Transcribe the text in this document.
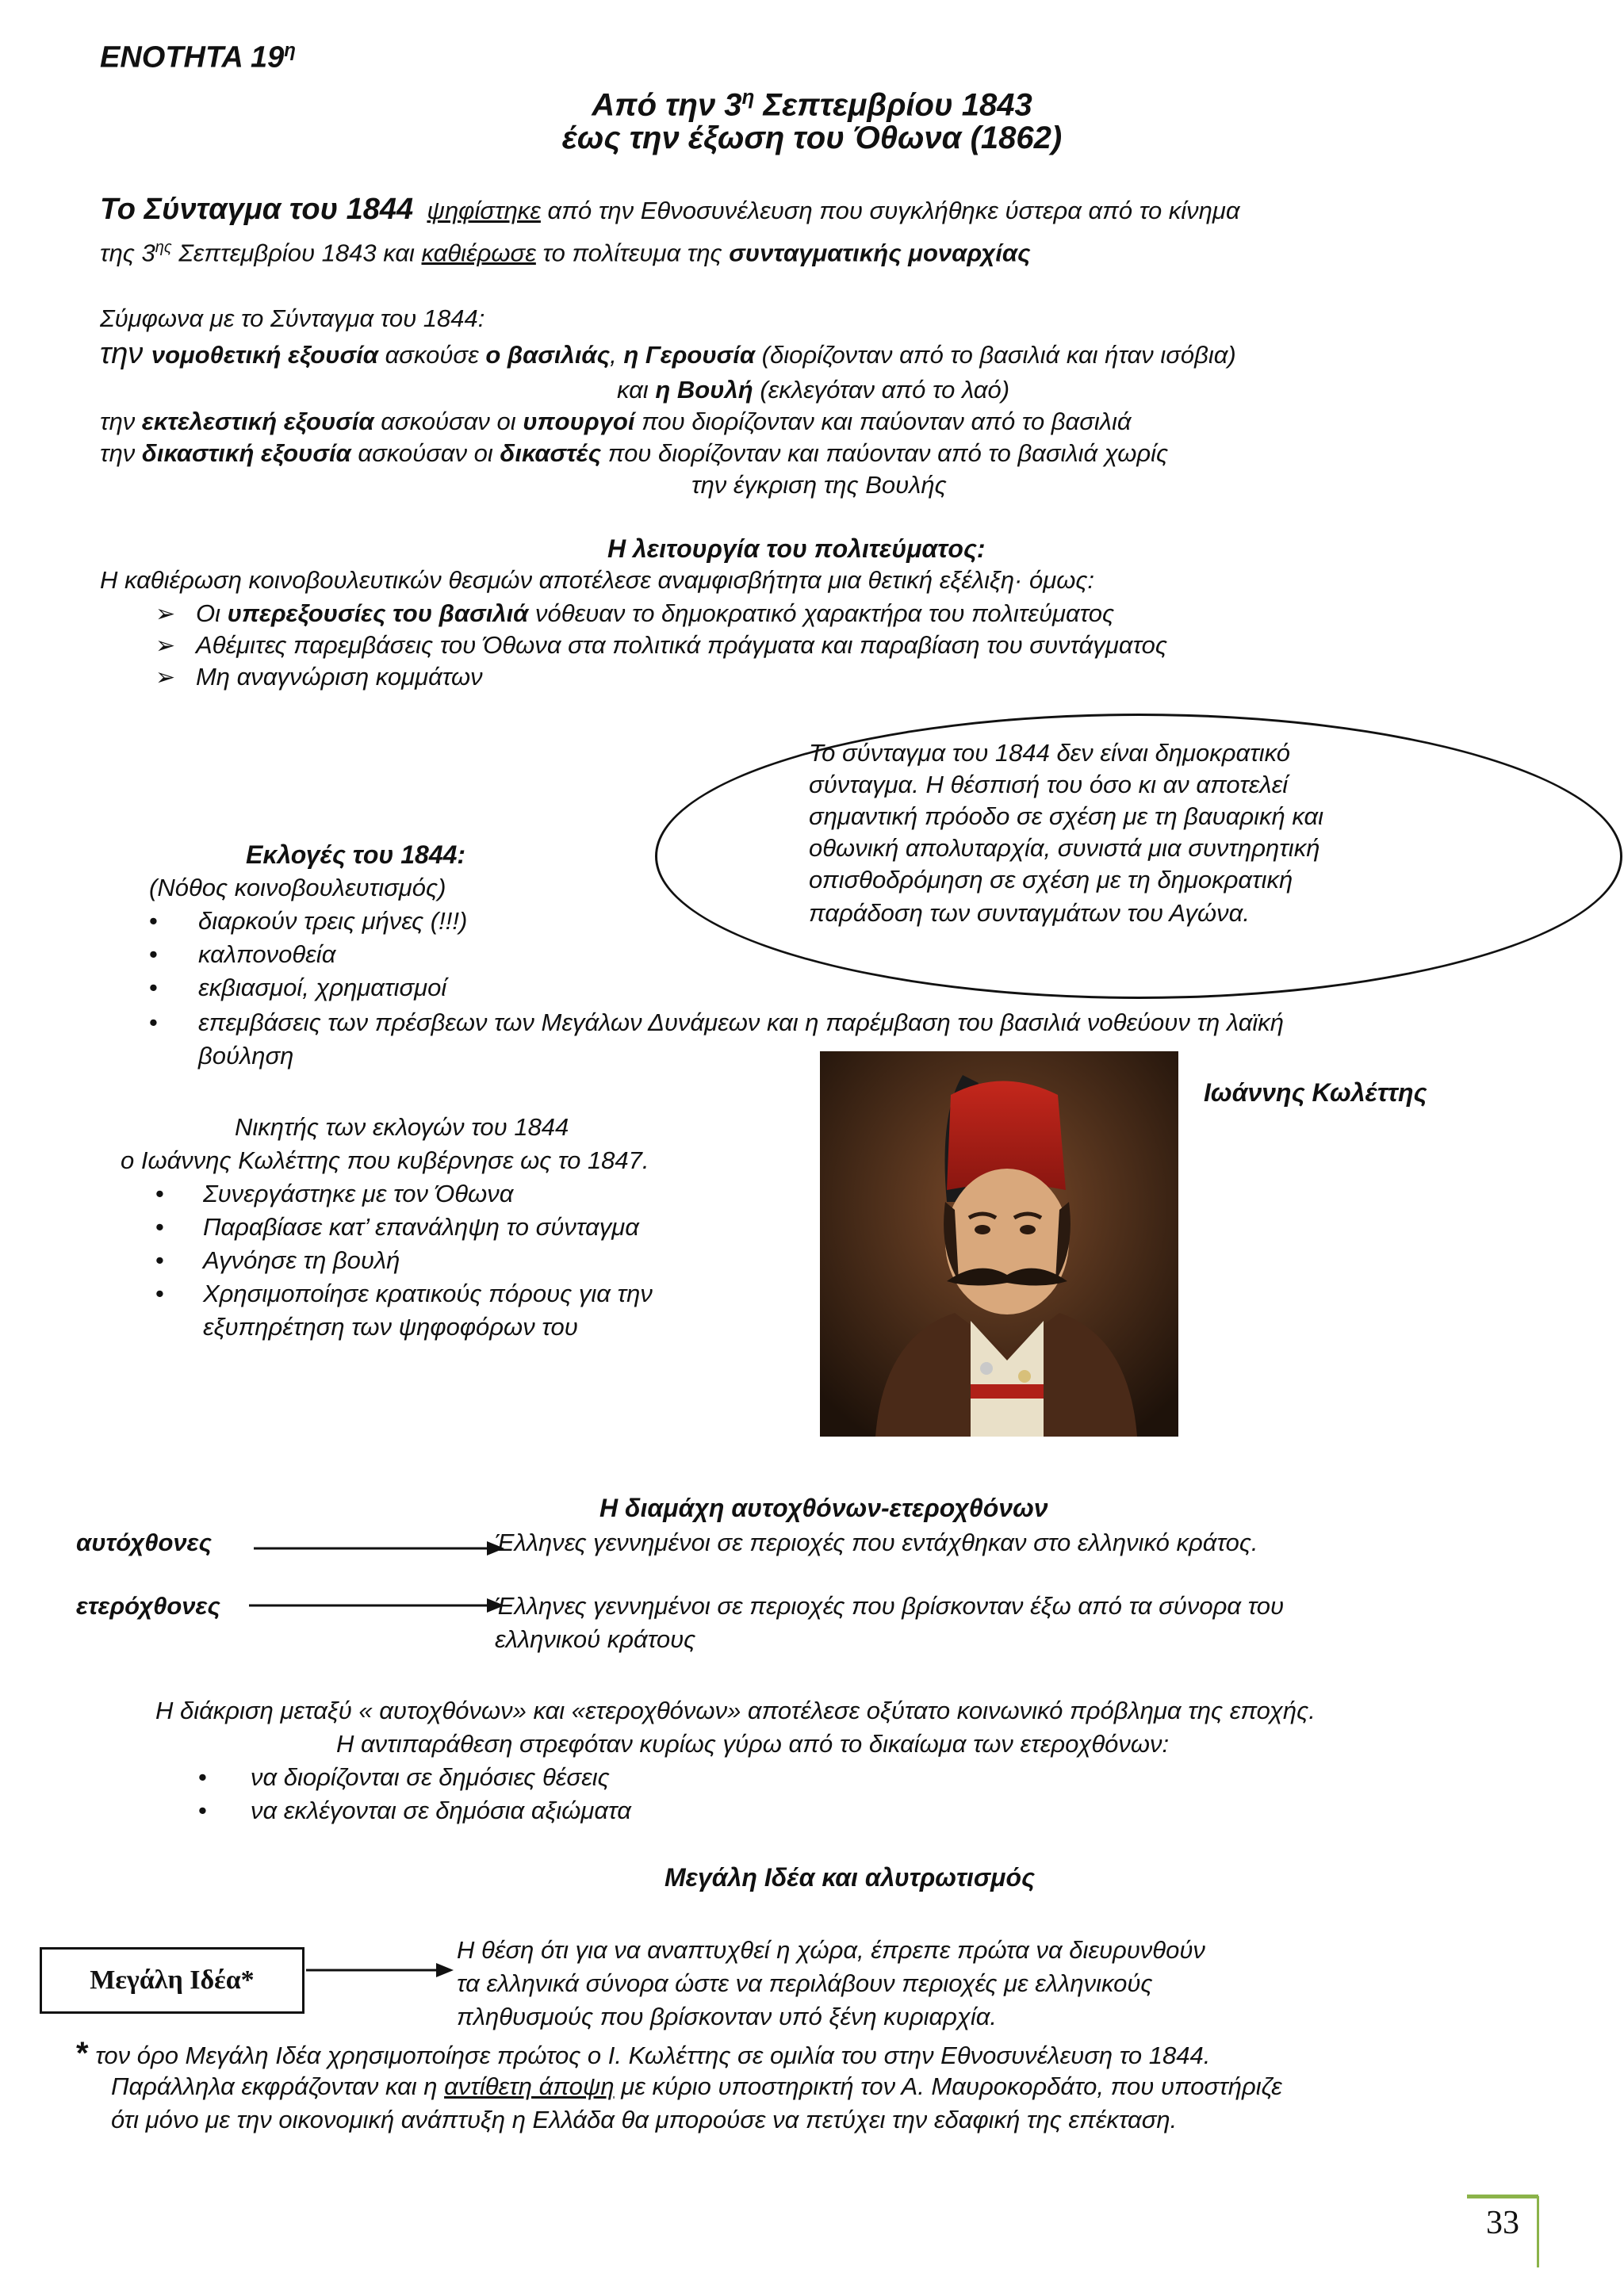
ΕΝΟΤΗΤΑ $19^\eta$
Από την $3^\eta$ Σεπτεμβρίου 1843
έως την έξωση του Όθωνα (1862)
Το Σύνταγμα του 1844 ψηφίστηκε από την Εθνοσυνέλευση που συγκλήθηκε ύστερα από το κίνημα
της $3^{\eta\varsigma}$ Σεπτεμβρίου 1843 και καθιέρωσε το πολίτευμα της συνταγματικής μοναρχίας
Σύμφωνα με το Σύνταγμα του 1844:
την νομοθετική εξουσία ασκούσε ο βασιλιάς, η Γερουσία (διορίζονταν από το βασιλιά και ήταν ισόβια)
και η Βουλή (εκλεγόταν από το λαό)
την εκτελεστική εξουσία ασκούσαν οι υπουργοί που διορίζονταν και παύονταν από το βασιλιά
την δικαστική εξουσία ασκούσαν οι δικαστές που διορίζονταν και παύονταν από το βασιλιά χωρίς
την έγκριση της Βουλής
Η λειτουργία του πολιτεύματος:
Η καθιέρωση κοινοβουλευτικών θεσμών αποτέλεσε αναμφισβήτητα μια θετική εξέλιξη· όμως:
➢ Οι υπερεξουσίες του βασιλιά νόθευαν το δημοκρατικό χαρακτήρα του πολιτεύματος
➢ Αθέμιτες παρεμβάσεις του Όθωνα στα πολιτικά πράγματα και παραβίαση του συντάγματος
➢ Μη αναγνώριση κομμάτων
Το σύνταγμα του 1844 δεν είναι δημοκρατικό
σύνταγμα. Η θέσπισή του όσο κι αν αποτελεί
σημαντική πρόοδο σε σχέση με τη βαυαρική και
οθωνική απολυταρχία, συνιστά μια συντηρητική
οπισθοδρόμηση σε σχέση με τη δημοκρατική
παράδοση των συνταγμάτων του Αγώνα.
Εκλογές του 1844:
(Νόθος κοινοβουλευτισμός)
• διαρκούν τρεις μήνες (!!!)
• καλπονοθεία
• εκβιασμοί, χρηματισμοί
• επεμβάσεις των πρέσβεων των Μεγάλων Δυνάμεων και η παρέμβαση του βασιλιά νοθεύουν τη λαϊκή
βούληση
Ιωάννης Κωλέττης
Νικητής των εκλογών του 1844
ο Ιωάννης Κωλέττης που κυβέρνησε ως το 1847.
• Συνεργάστηκε με τον Όθωνα
• Παραβίασε κατ’ επανάληψη το σύνταγμα
• Αγνόησε τη βουλή
• Χρησιμοποίησε κρατικούς πόρους για την
εξυπηρέτηση των ψηφοφόρων του
Η διαμάχη αυτοχθόνων-ετεροχθόνων
αυτόχθονες	Έλληνες γεννημένοι σε περιοχές που εντάχθηκαν στο ελληνικό κράτος.
ετερόχθονες	Έλληνες γεννημένοι σε περιοχές που βρίσκονταν έξω από τα σύνορα του
ελληνικού κράτους
Η διάκριση μεταξύ « αυτοχθόνων» και «ετεροχθόνων» αποτέλεσε οξύτατο κοινωνικό πρόβλημα της εποχής.
Η αντιπαράθεση στρεφόταν κυρίως γύρω από το δικαίωμα των ετεροχθόνων:
• να διορίζονται σε δημόσιες θέσεις
• να εκλέγονται σε δημόσια αξιώματα
Μεγάλη Ιδέα και αλυτρωτισμός
Μεγάλη Ιδέα*
Η θέση ότι για να αναπτυχθεί η χώρα, έπρεπε πρώτα να διευρυνθούν
τα ελληνικά σύνορα ώστε να περιλάβουν περιοχές με ελληνικούς
πληθυσμούς που βρίσκονταν υπό ξένη κυριαρχία.
* τον όρο Μεγάλη Ιδέα χρησιμοποίησε πρώτος ο Ι. Κωλέττης σε ομιλία του στην Εθνοσυνέλευση το 1844.
Παράλληλα εκφράζονταν και η αντίθετη άποψη με κύριο υποστηρικτή τον Α. Μαυροκορδάτο, που υποστήριζε
ότι μόνο με την οικονομική ανάπτυξη η Ελλάδα θα μπορούσε να πετύχει την εδαφική της επέκταση.
33
